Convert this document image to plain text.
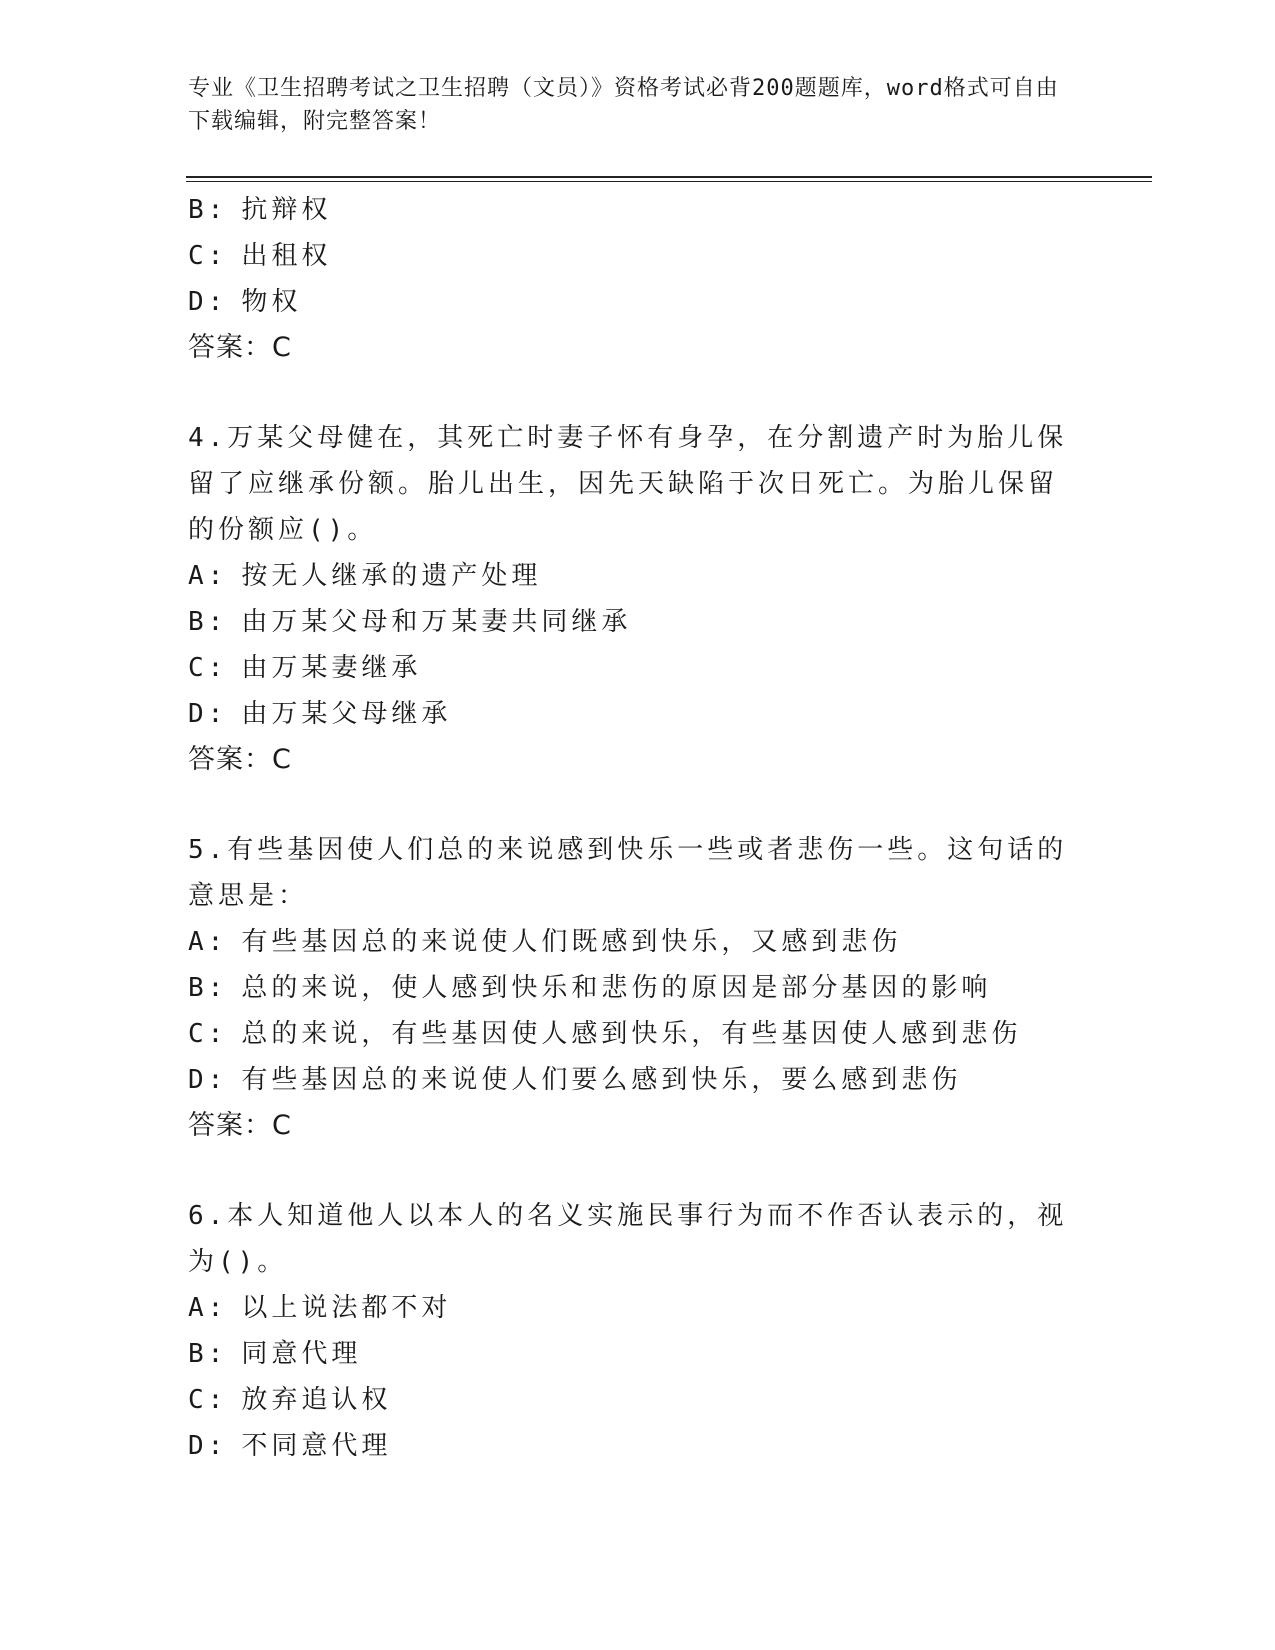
专业《卫生招聘考试之卫生招聘（文员）》资格考试必背200题题库，word格式可自由下载编辑，附完整答案！
B: 抗辩权
C: 出租权
D: 物权
答案：C
4.万某父母健在，其死亡时妻子怀有身孕，在分割遗产时为胎儿保留了应继承份额。胎儿出生，因先天缺陷于次日死亡。为胎儿保留的份额应()。
A: 按无人继承的遗产处理
B: 由万某父母和万某妻共同继承
C: 由万某妻继承
D: 由万某父母继承
答案：C
5.有些基因使人们总的来说感到快乐一些或者悲伤一些。这句话的意思是：
A: 有些基因总的来说使人们既感到快乐，又感到悲伤
B: 总的来说，使人感到快乐和悲伤的原因是部分基因的影响
C: 总的来说，有些基因使人感到快乐，有些基因使人感到悲伤
D: 有些基因总的来说使人们要么感到快乐，要么感到悲伤
答案：C
6.本人知道他人以本人的名义实施民事行为而不作否认表示的，视为()。
A: 以上说法都不对
B: 同意代理
C: 放弃追认权
D: 不同意代理
